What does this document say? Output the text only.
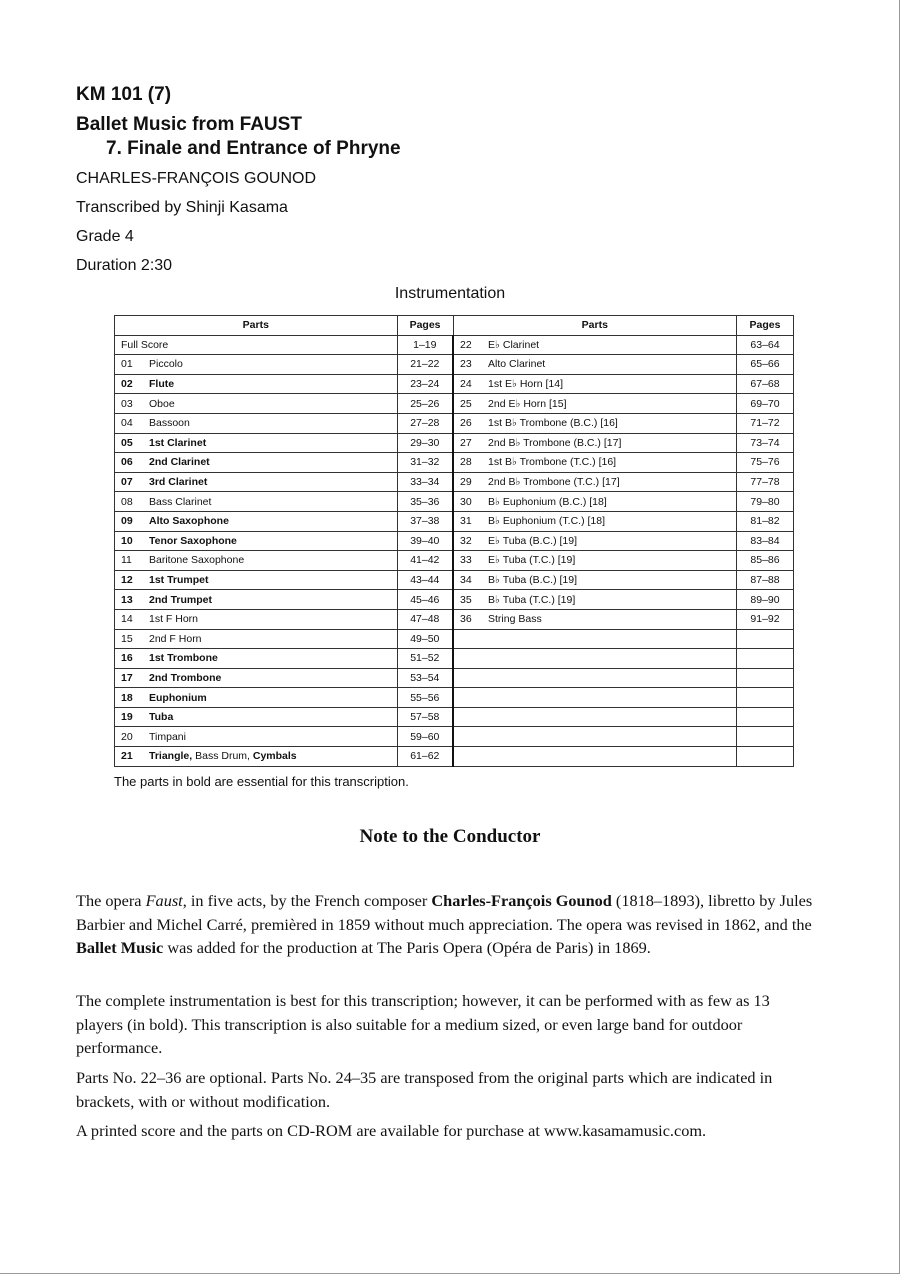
KM 101 (7)
Ballet Music from FAUST
7. Finale and Entrance of Phryne
CHARLES-FRANÇOIS GOUNOD
Transcribed by Shinji Kasama
Grade 4
Duration 2:30
Instrumentation
Parts	Pages	Parts	Pages
Full Score	1–19	22 E♭ Clarinet	63–64
01 Piccolo	21–22	23 Alto Clarinet	65–66
02 Flute	23–24	24 1st E♭ Horn [14]	67–68
03 Oboe	25–26	25 2nd E♭ Horn [15]	69–70
04 Bassoon	27–28	26 1st B♭ Trombone (B.C.) [16]	71–72
05 1st Clarinet	29–30	27 2nd B♭ Trombone (B.C.) [17]	73–74
06 2nd Clarinet	31–32	28 1st B♭ Trombone (T.C.) [16]	75–76
07 3rd Clarinet	33–34	29 2nd B♭ Trombone (T.C.) [17]	77–78
08 Bass Clarinet	35–36	30 B♭ Euphonium (B.C.) [18]	79–80
09 Alto Saxophone	37–38	31 B♭ Euphonium (T.C.) [18]	81–82
10 Tenor Saxophone	39–40	32 E♭ Tuba (B.C.) [19]	83–84
11 Baritone Saxophone	41–42	33 E♭ Tuba (T.C.) [19]	85–86
12 1st Trumpet	43–44	34 B♭ Tuba (B.C.) [19]	87–88
13 2nd Trumpet	45–46	35 B♭ Tuba (T.C.) [19]	89–90
14 1st F Horn	47–48	36 String Bass	91–92
15 2nd F Horn	49–50		
16 1st Trombone	51–52		
17 2nd Trombone	53–54		
18 Euphonium	55–56		
19 Tuba	57–58		
20 Timpani	59–60		
21 Triangle, Bass Drum, Cymbals	61–62		
The parts in bold are essential for this transcription.
Note to the Conductor

The opera Faust, in five acts, by the French composer Charles-François Gounod (1818–1893), libretto by Jules Barbier and Michel Carré, premièred in 1859 without much appreciation. The opera was revised in 1862, and the Ballet Music was added for the production at The Paris Opera (Opéra de Paris) in 1869.

The complete instrumentation is best for this transcription; however, it can be performed with as few as 13 players (in bold). This transcription is also suitable for a medium sized, or even large band for outdoor performance.

Parts No. 22–36 are optional. Parts No. 24–35 are transposed from the original parts which are indicated in brackets, with or without modification.

A printed score and the parts on CD-ROM are available for purchase at www.kasamamusic.com.
